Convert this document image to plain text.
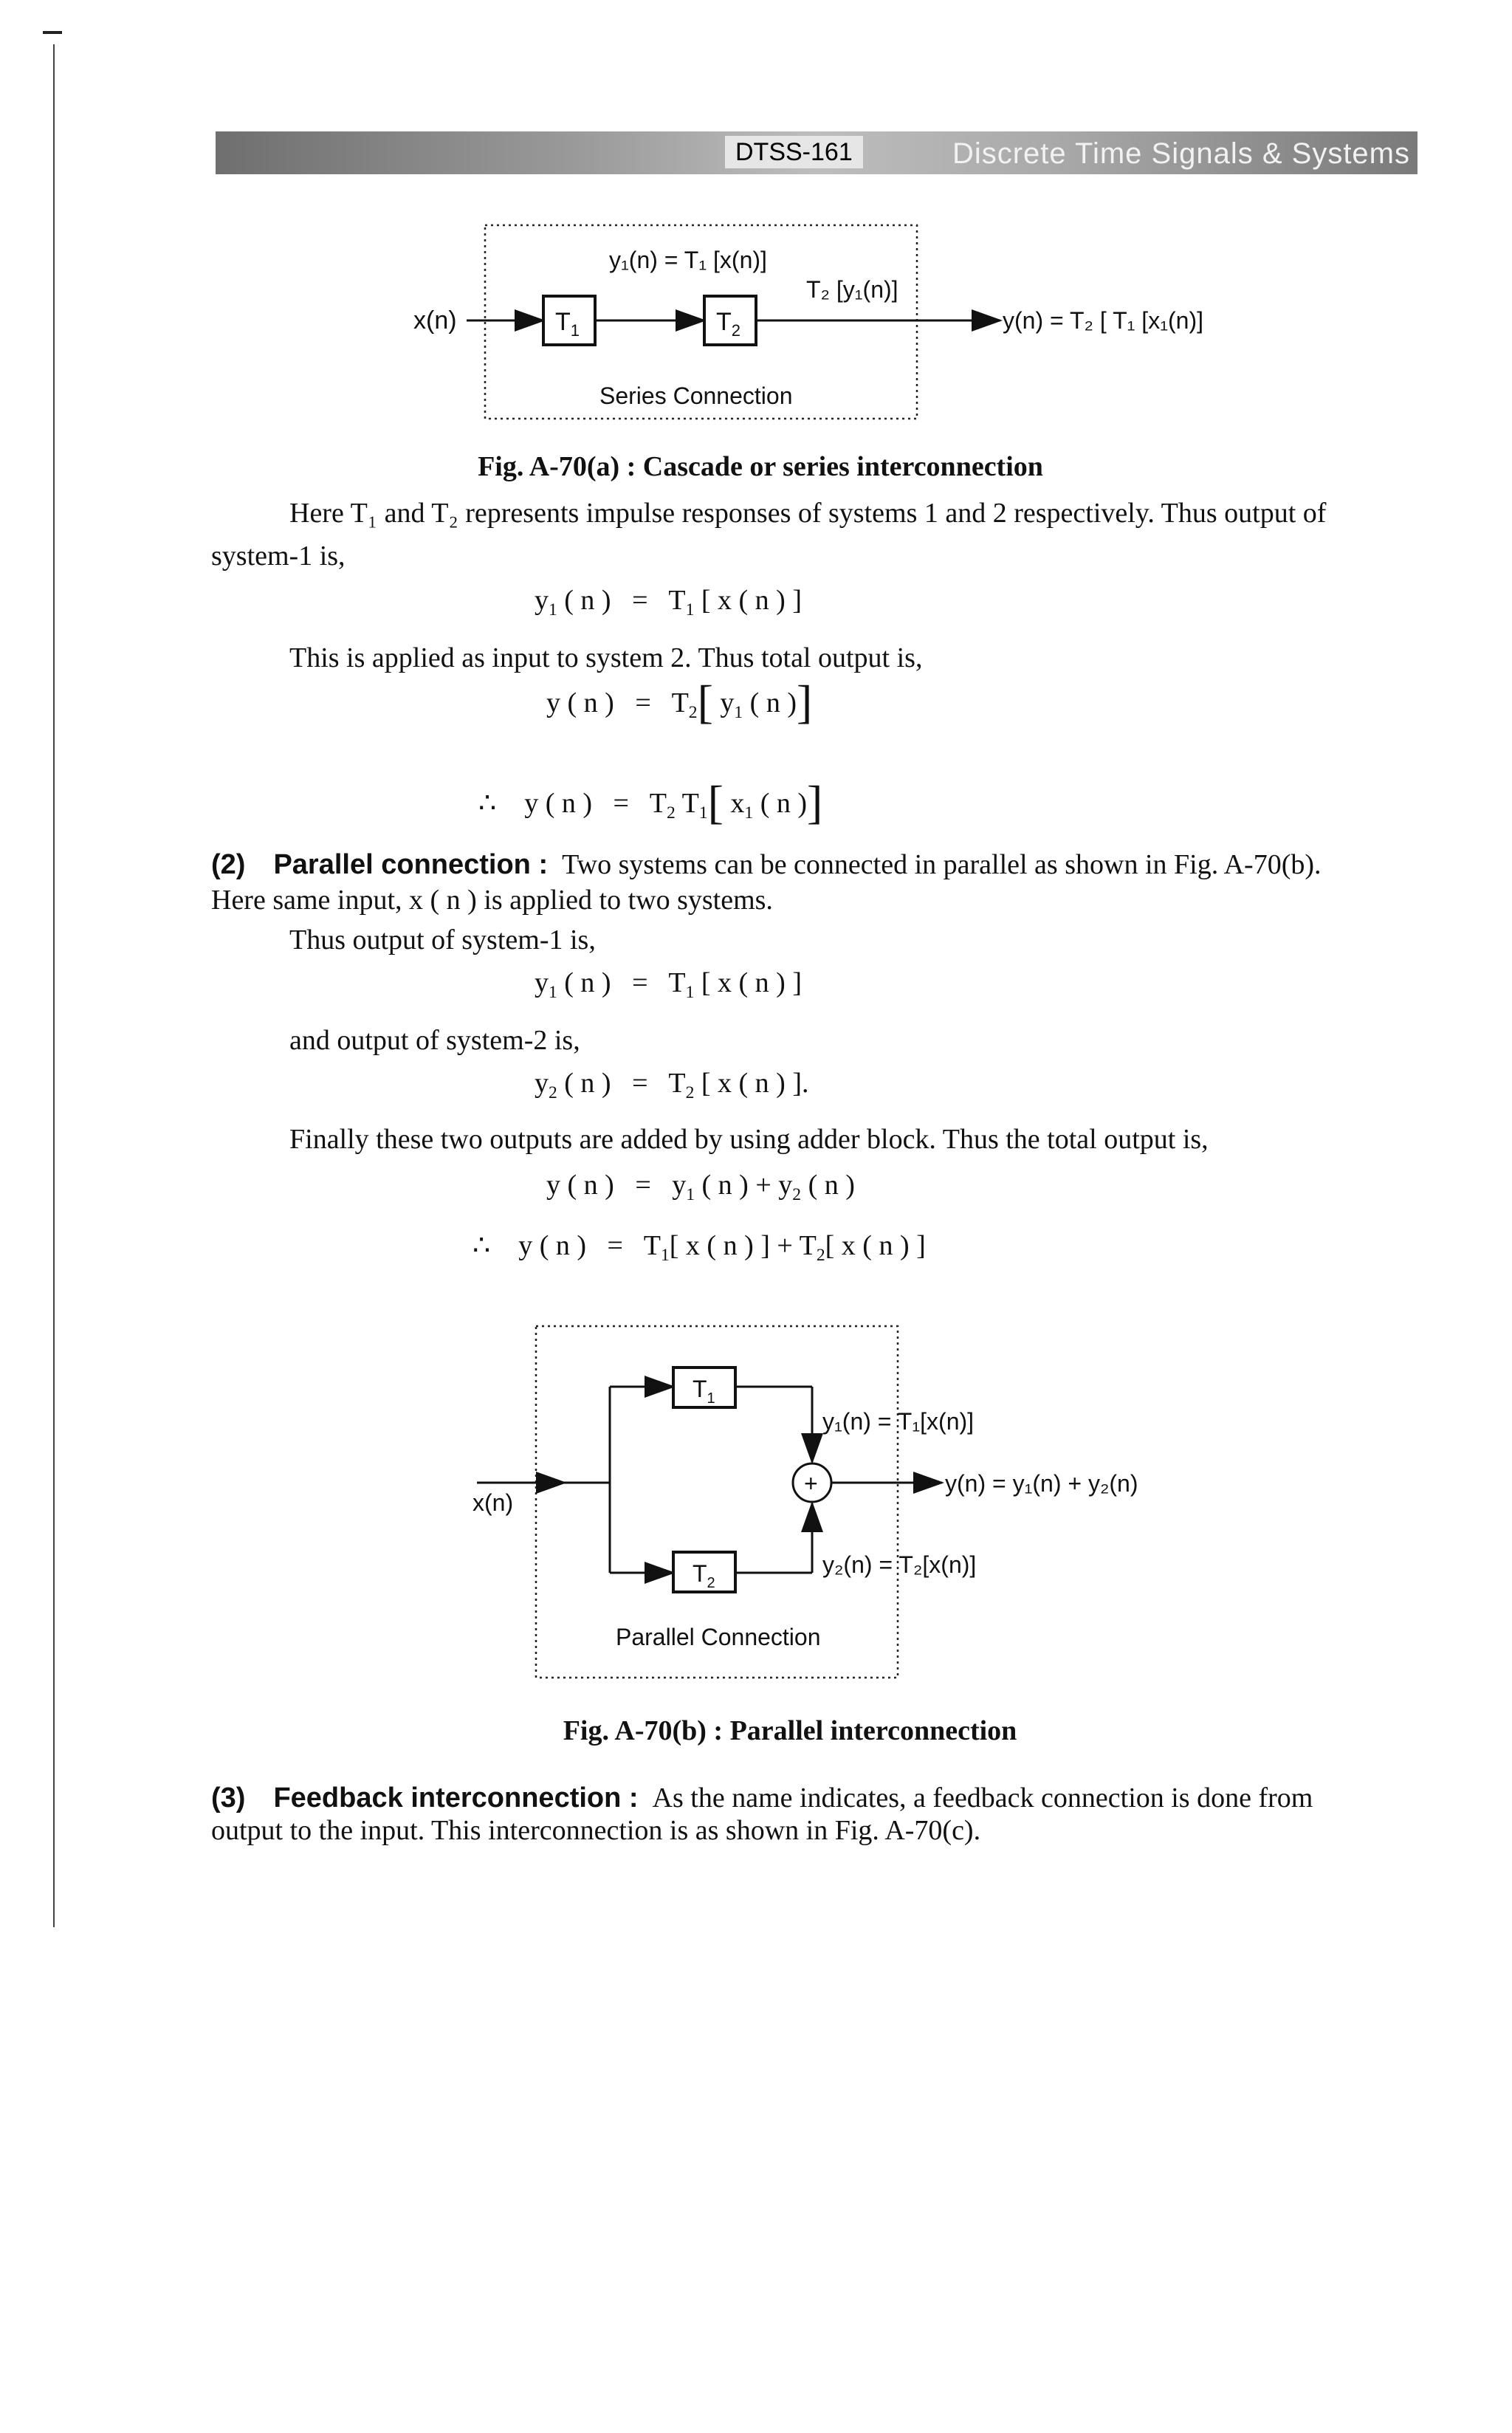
DTSS-161	Discrete Time Signals & Systems
x(n)	$T_1$	$T_2$
y₁(n) = T₁ [x(n)]
T₂ [y₁(n)]
y(n) = T₂ [ T₁ [x₁(n)]
Series Connection
Fig. A-70(a) : Cascade or series interconnection
Here T₁ and T₂ represents impulse responses of systems 1 and 2 respectively. Thus output of
system-1 is,
$y_1$ ( n ) = $T_1$ [ x ( n ) ]
This is applied as input to system 2. Thus total output is,
y ( n ) = $T_2$[ $y_1$ ( n )]
∴ y ( n ) = $T_2$ $T_1$[ $x_1$ ( n )]
(2) Parallel connection : Two systems can be connected in parallel as shown in Fig. A-70(b).
Here same input, x ( n ) is applied to two systems.
Thus output of system-1 is,
$y_1$ ( n ) = $T_1$ [ x ( n ) ]
and output of system-2 is,
$y_2$ ( n ) = $T_2$ [ x ( n ) ].
Finally these two outputs are added by using adder block. Thus the total output is,
y ( n ) = $y_1$ ( n ) + $y_2$ ( n )
∴ y ( n ) = $T_1$[ x ( n ) ] + $T_2$[ x ( n ) ]
x(n)
$T_1$
$T_2$
+	y(n) = y₁(n) + y₂(n)
y₁(n) = T₁[x(n)]
y₂(n) = T₂[x(n)]
Parallel Connection
Fig. A-70(b) : Parallel interconnection
(3) Feedback interconnection : As the name indicates, a feedback connection is done from
output to the input. This interconnection is as shown in Fig. A-70(c).
